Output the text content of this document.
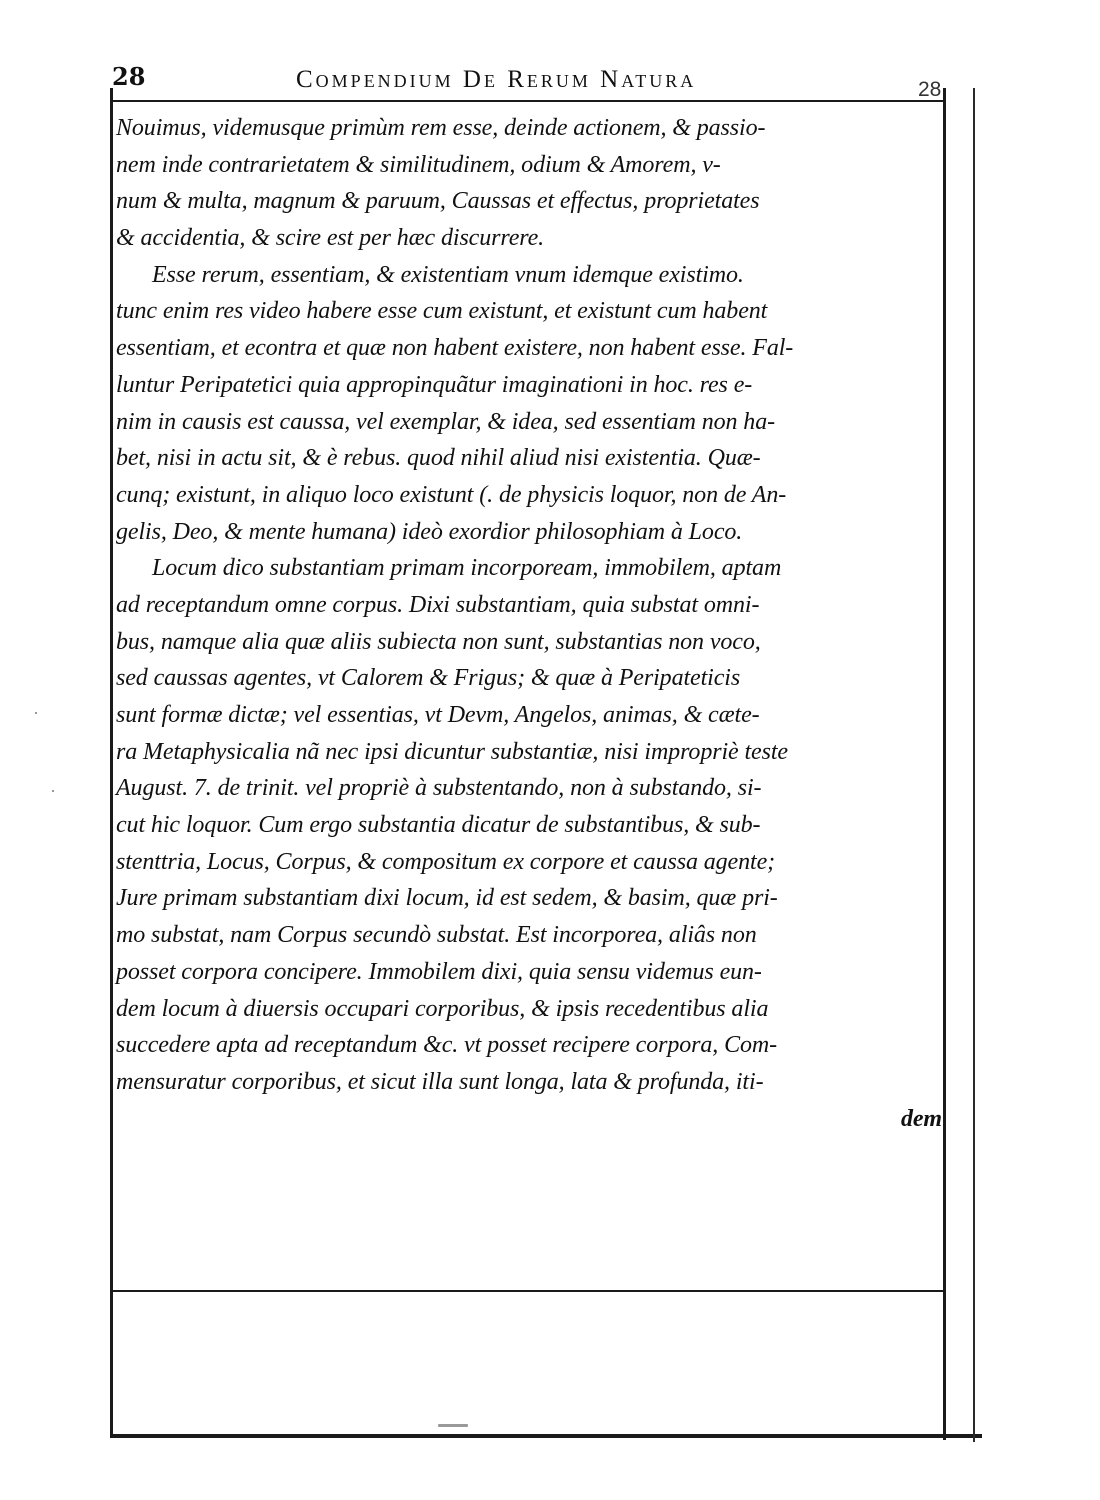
28	Compendium De Rerum Natura	28
Nouimus, videmusque primùm rem esse, deinde actionem, & passio-
nem inde contrarietatem & similitudinem, odium & Amorem, v-
num & multa, magnum & paruum, Caussas et effectus, proprietates
& accidentia, & scire est per hæc discurrere.
Esse rerum, essentiam, & existentiam vnum idemque existimo.
tunc enim res video habere esse cum existunt, et existunt cum habent
essentiam, et econtra et quæ non habent existere, non habent esse. Fal-
luntur Peripatetici quia appropinquãtur imaginationi in hoc. res e-
nim in causis est caussa, vel exemplar, & idea, sed essentiam non ha-
bet, nisi in actu sit, & è rebus. quod nihil aliud nisi existentia. Quæ-
cunq; existunt, in aliquo loco existunt (. de physicis loquor, non de An-
gelis, Deo, & mente humana) ideò exordior philosophiam à Loco.
Locum dico substantiam primam incorpoream, immobilem, aptam
ad receptandum omne corpus. Dixi substantiam, quia substat omni-
bus, namque alia quæ aliis subiecta non sunt, substantias non voco,
sed caussas agentes, vt Calorem & Frigus; & quæ à Peripateticis
sunt formæ dictæ; vel essentias, vt Devm, Angelos, animas, & cæte-
ra Metaphysicalia nã nec ipsi dicuntur substantiæ, nisi impropriè teste
August. 7. de trinit. vel propriè à substentando, non à substando, si-
cut hic loquor. Cum ergo substantia dicatur de substantibus, & sub-
stenttria, Locus, Corpus, & compositum ex corpore et caussa agente;
Jure primam substantiam dixi locum, id est sedem, & basim, quæ pri-
mo substat, nam Corpus secundò substat. Est incorporea, aliâs non
posset corpora concipere. Immobilem dixi, quia sensu videmus eun-
dem locum à diuersis occupari corporibus, & ipsis recedentibus alia
succedere apta ad receptandum &c. vt posset recipere corpora, Com-
mensuratur corporibus, et sicut illa sunt longa, lata & profunda, iti-
dem
